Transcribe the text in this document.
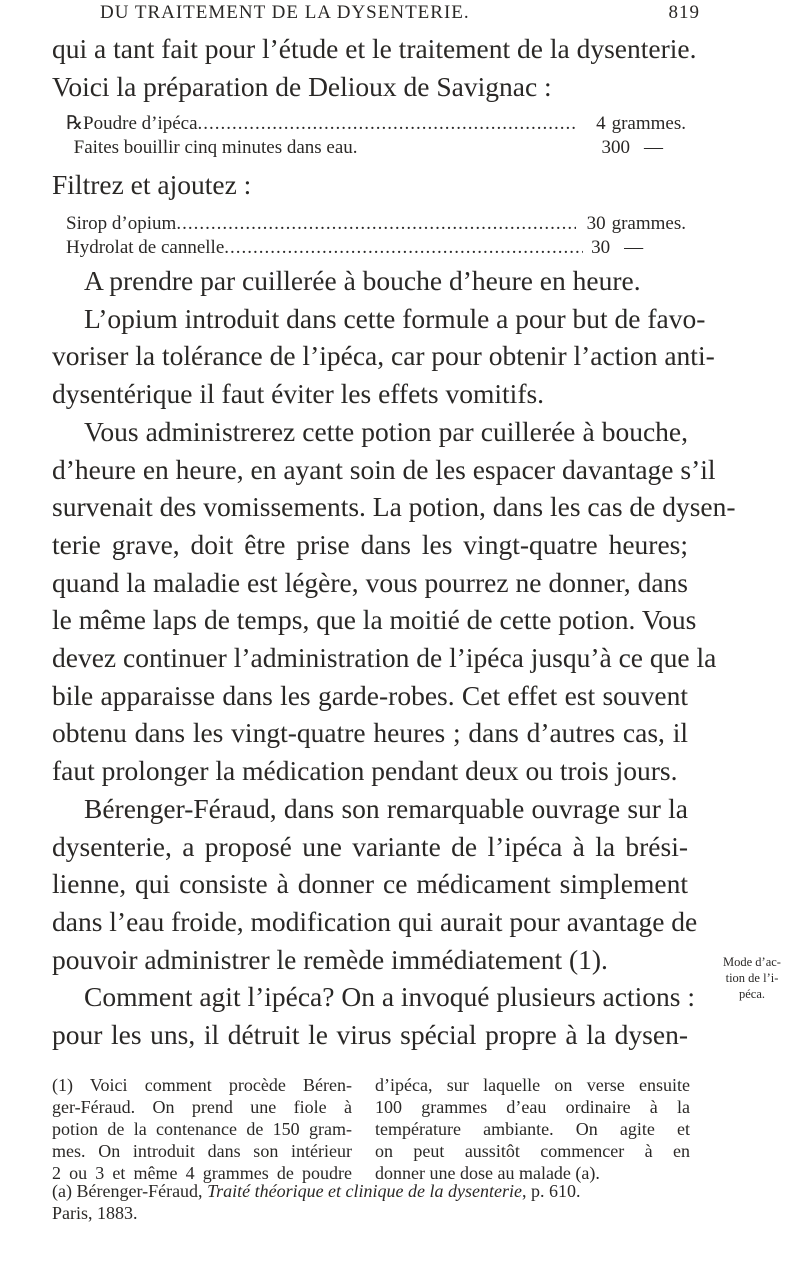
DU TRAITEMENT DE LA DYSENTERIE.	819
qui a tant fait pour l’étude et le traitement de la dysenterie.
Voici la préparation de Delioux de Savignac :
℞ Poudre d’ipéca .....	4 grammes.
Faites bouillir cinq minutes dans eau.	300 —
Filtrez et ajoutez :
Sirop d’opium .....	30 grammes.
Hydrolat de cannelle .....	30 —
A prendre par cuillerée à bouche d’heure en heure.
L’opium introduit dans cette formule a pour but de favo-
voriser la tolérance de l’ipéca, car pour obtenir l’action anti-
dysentérique il faut éviter les effets vomitifs.
Vous administrerez cette potion par cuillerée à bouche,
d’heure en heure, en ayant soin de les espacer davantage s’il
survenait des vomissements. La potion, dans les cas de dysen-
terie grave, doit être prise dans les vingt-quatre heures;
quand la maladie est légère, vous pourrez ne donner, dans
le même laps de temps, que la moitié de cette potion. Vous
devez continuer l’administration de l’ipéca jusqu’à ce que la
bile apparaisse dans les garde-robes. Cet effet est souvent
obtenu dans les vingt-quatre heures ; dans d’autres cas, il
faut prolonger la médication pendant deux ou trois jours.
Bérenger-Féraud, dans son remarquable ouvrage sur la
dysenterie, a proposé une variante de l’ipéca à la brési-
lienne, qui consiste à donner ce médicament simplement
dans l’eau froide, modification qui aurait pour avantage de
pouvoir administrer le remède immédiatement (1).
Comment agit l’ipéca? On a invoqué plusieurs actions :
pour les uns, il détruit le virus spécial propre à la dysen-
Mode d’ac-
tion de l’i-
péca.
(1) Voici comment procède Béren-
ger-Féraud. On prend une fiole à
potion de la contenance de 150 gram-
mes. On introduit dans son intérieur
2 ou 3 et même 4 grammes de poudre
d’ipéca, sur laquelle on verse ensuite
100 grammes d’eau ordinaire à la
température ambiante. On agite et
on peut aussitôt commencer à en
donner une dose au malade (a).
(a) Bérenger-Féraud, Traité théorique et clinique de la dysenterie, p. 610.
Paris, 1883.
